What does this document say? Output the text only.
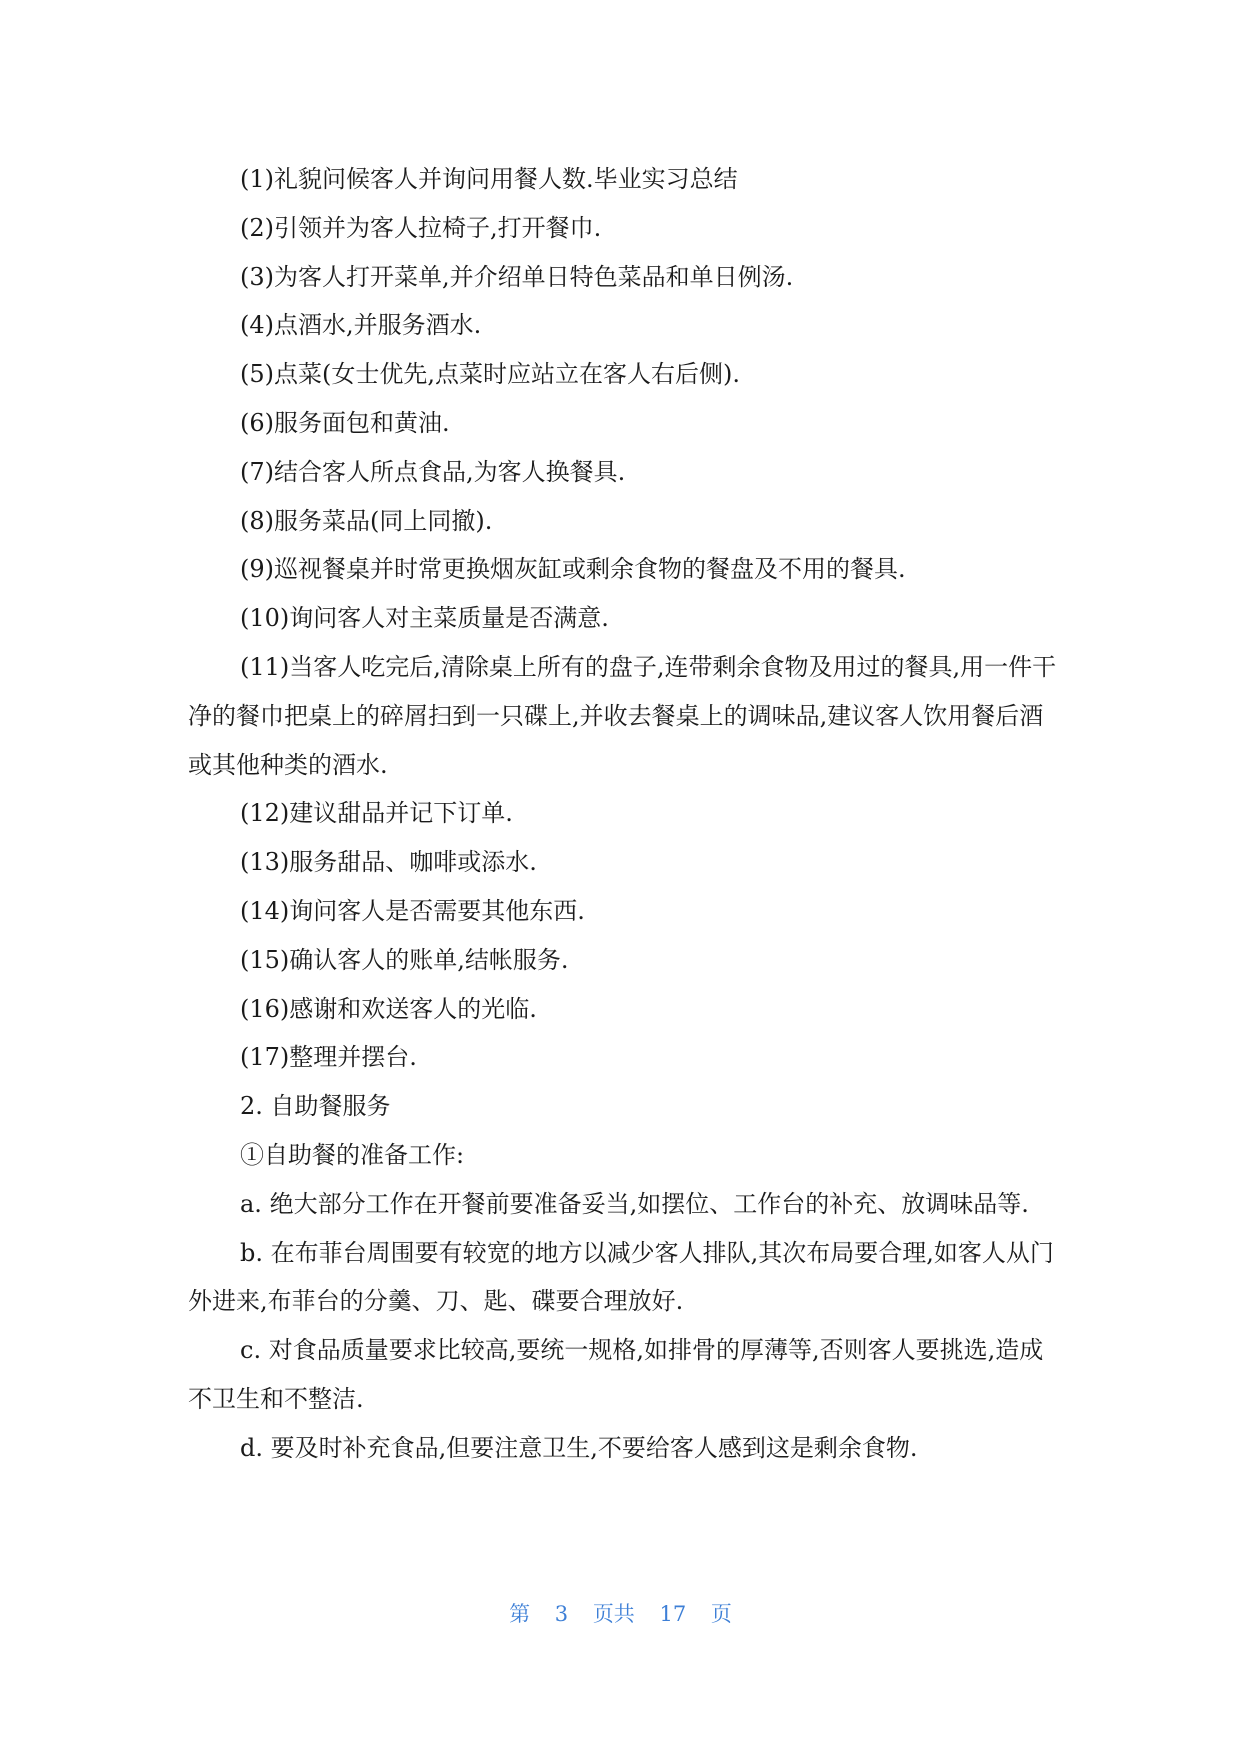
(1)礼貌问候客人并询问用餐人数.毕业实习总结

(2)引领并为客人拉椅子,打开餐巾.

(3)为客人打开菜单,并介绍单日特色菜品和单日例汤.

(4)点酒水,并服务酒水.

(5)点菜(女士优先,点菜时应站立在客人右后侧).

(6)服务面包和黄油.

(7)结合客人所点食品,为客人换餐具.

(8)服务菜品(同上同撤).

(9)巡视餐桌并时常更换烟灰缸或剩余食物的餐盘及不用的餐具.

(10)询问客人对主菜质量是否满意.

(11)当客人吃完后,清除桌上所有的盘子,连带剩余食物及用过的餐具,用一件干净的餐巾把桌上的碎屑扫到一只碟上,并收去餐桌上的调味品,建议客人饮用餐后酒或其他种类的酒水.

(12)建议甜品并记下订单.

(13)服务甜品、咖啡或添水.

(14)询问客人是否需要其他东西.

(15)确认客人的账单,结帐服务.

(16)感谢和欢送客人的光临.

(17)整理并摆台.

2. 自助餐服务

①自助餐的准备工作:

a. 绝大部分工作在开餐前要准备妥当,如摆位、工作台的补充、放调味品等.

b. 在布菲台周围要有较宽的地方以减少客人排队,其次布局要合理,如客人从门外进来,布菲台的分羹、刀、匙、碟要合理放好.

c. 对食品质量要求比较高,要统一规格,如排骨的厚薄等,否则客人要挑选,造成不卫生和不整洁.

d. 要及时补充食品,但要注意卫生,不要给客人感到这是剩余食物.

第 3 页共 17 页
